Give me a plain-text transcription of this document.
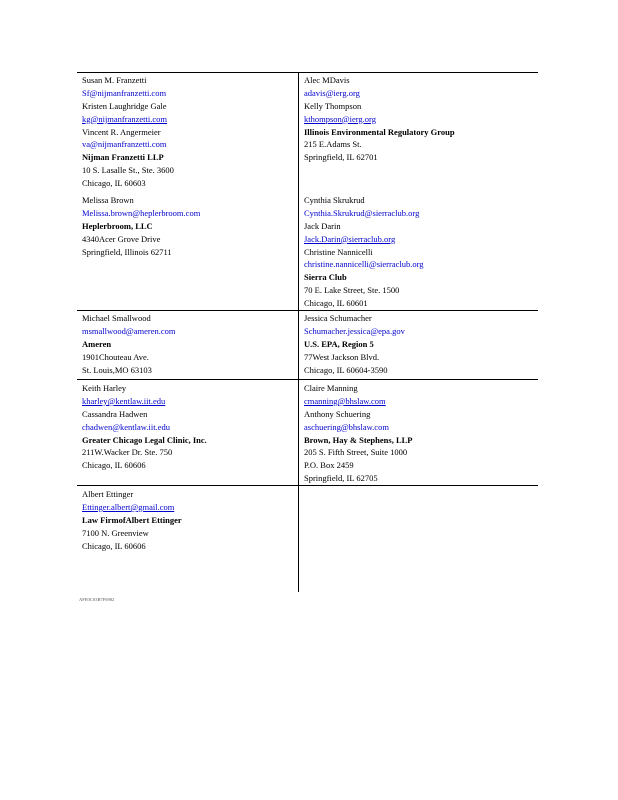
Susan M. Franzetti
Sf@nijmanfranzetti.com
Kristen Laughridge Gale
kg@nijmanfranzetti.com
Vincent R. Angermeier
va@nijmanfranzetti.com
Nijman Franzetti LLP
10 S. Lasalle St., Ste. 3600
Chicago, IL 60603
Melissa Brown
Melissa.brown@heplerbroom.com
Heplerbroom, LLC
4340Acer Grove Drive
Springfield, Illinois 62711
Alec MDavis
adavis@ierg.org
Kelly Thompson
kthompson@ierg.org
Illinois Environmental Regulatory Group
215 E.Adams St.
Springfield, IL 62701
Cynthia Skrukrud
Cynthia.Skrukrud@sierraclub.org
Jack Darin
Jack.Darin@sierraclub.org
Christine Nannicelli
christine.nannicelli@sierraclub.org
Sierra Club
70 E. Lake Street, Ste. 1500
Chicago, IL 60601
Michael Smallwood
msmallwood@ameren.com
Ameren
1901Chouteau Ave.
St. Louis,MO 63103
Jessica Schumacher
Schumacher.jessica@epa.gov
U.S. EPA, Region 5
77West Jackson Blvd.
Chicago, IL 60604-3590
Keith Harley
kharley@kentlaw.iit.edu
Cassandra Hadwen
chadwen@kentlaw.iit.edu
Greater Chicago Legal Clinic, Inc.
211W.Wacker Dr. Ste. 750
Chicago, IL 60606
Claire Manning
cmanning@bhslaw.com
Anthony Schuering
aschuering@bhslaw.com
Brown, Hay & Stephens, LLP
205 S. Fifth Street, Suite 1000
P.O. Box 2459
Springfield, IL 62705
Albert Ettinger
Ettinger.albert@gmail.com
Law FirmofAlbert Ettinger
7100 N. Greenview
Chicago, IL 60606
AFE0CS3B7F6982
